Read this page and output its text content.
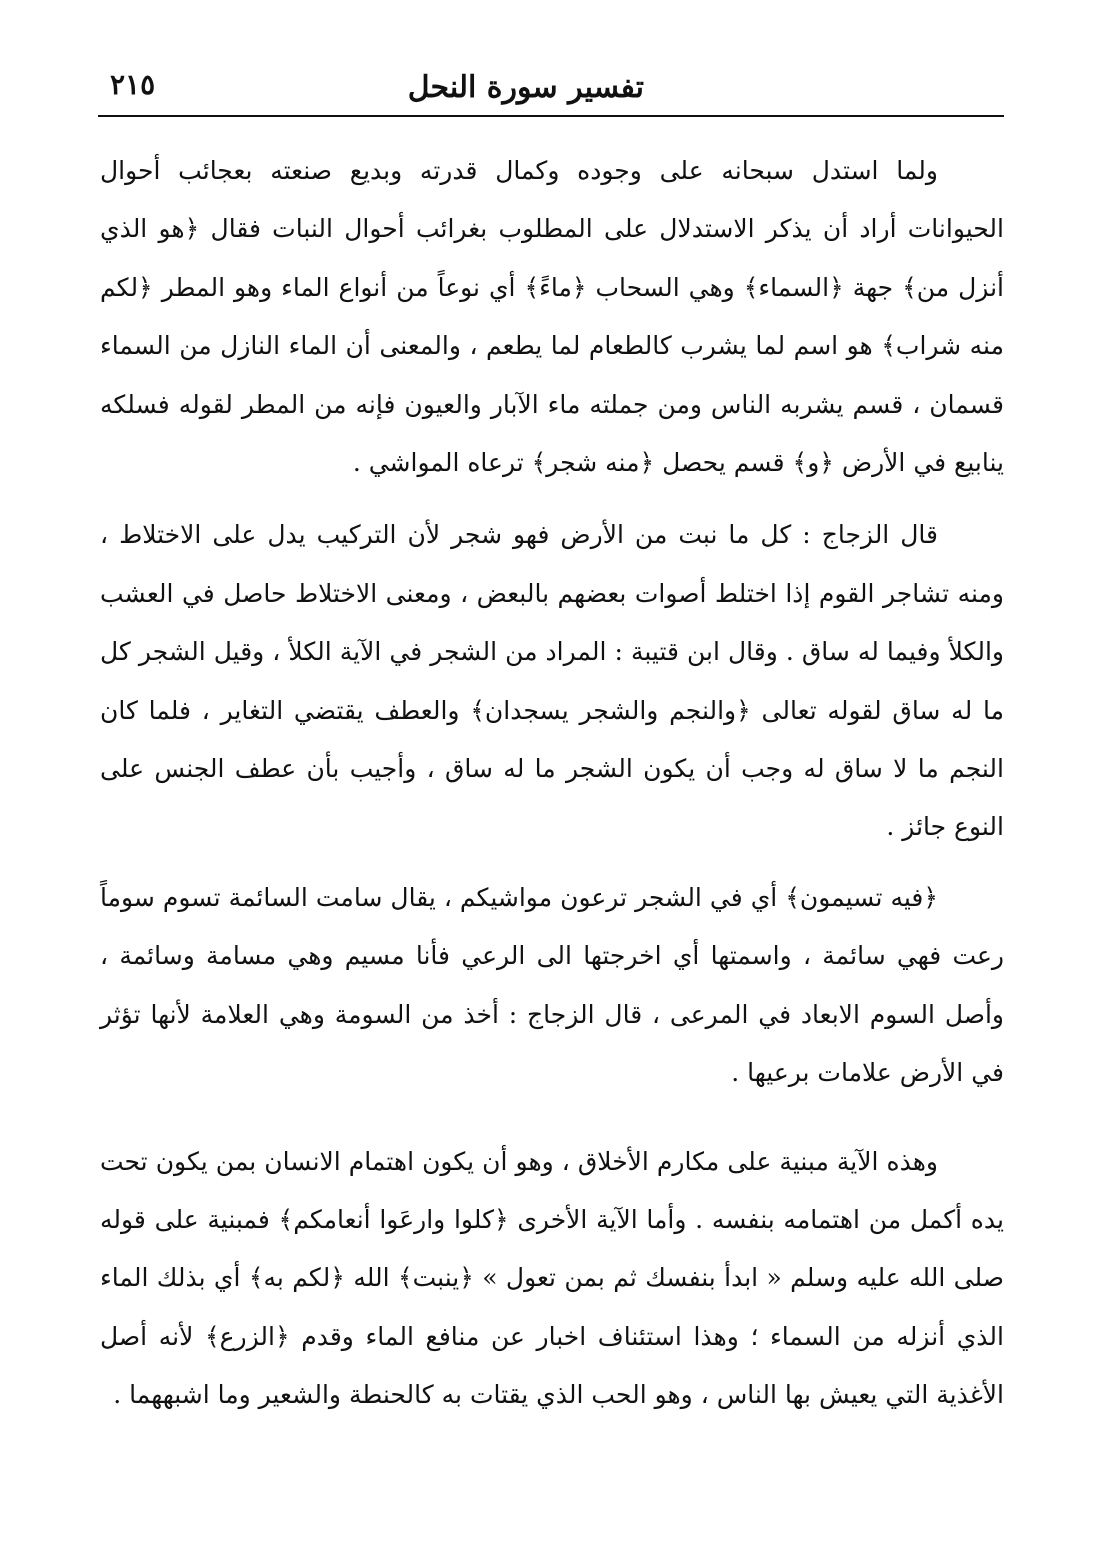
تفسير سورة النحل
٢١٥

ولما استدل سبحانه على وجوده وكمال قدرته وبديع صنعته بعجائب أحوال الحيوانات أراد أن يذكر الاستدلال على المطلوب بغرائب أحوال النبات فقال ﴿هو الذي أنزل من﴾ جهة ﴿السماء﴾ وهي السحاب ﴿ماءً﴾ أي نوعاً من أنواع الماء وهو المطر ﴿لكم منه شراب﴾ هو اسم لما يشرب كالطعام لما يطعم ، والمعنى أن الماء النازل من السماء قسمان ، قسم يشربه الناس ومن جملته ماء الآبار والعيون فإنه من المطر لقوله فسلكه ينابيع في الأرض ﴿و﴾ قسم يحصل ﴿منه شجر﴾ ترعاه المواشي .

قال الزجاج : كل ما نبت من الأرض فهو شجر لأن التركيب يدل على الاختلاط ، ومنه تشاجر القوم إذا اختلط أصوات بعضهم بالبعض ، ومعنى الاختلاط حاصل في العشب والكلأ وفيما له ساق . وقال ابن قتيبة : المراد من الشجر في الآية الكلأ ، وقيل الشجر كل ما له ساق لقوله تعالى ﴿والنجم والشجر يسجدان﴾ والعطف يقتضي التغاير ، فلما كان النجم ما لا ساق له وجب أن يكون الشجر ما له ساق ، وأجيب بأن عطف الجنس على النوع جائز .

﴿فيه تسيمون﴾ أي في الشجر ترعون مواشيكم ، يقال سامت السائمة تسوم سوماً رعت فهي سائمة ، واسمتها أي اخرجتها الى الرعي فأنا مسيم وهي مسامة وسائمة ، وأصل السوم الابعاد في المرعى ، قال الزجاج : أخذ من السومة وهي العلامة لأنها تؤثر في الأرض علامات برعيها .

وهذه الآية مبنية على مكارم الأخلاق ، وهو أن يكون اهتمام الانسان بمن يكون تحت يده أكمل من اهتمامه بنفسه . وأما الآية الأخرى ﴿كلوا وارعَوا أنعامكم﴾ فمبنية على قوله صلى الله عليه وسلم « ابدأ بنفسك ثم بمن تعول » ﴿ينبت﴾ الله ﴿لكم به﴾ أي بذلك الماء الذي أنزله من السماء ؛ وهذا استئناف اخبار عن منافع الماء وقدم ﴿الزرع﴾ لأنه أصل الأغذية التي يعيش بها الناس ، وهو الحب الذي يقتات به كالحنطة والشعير وما اشبههما .
